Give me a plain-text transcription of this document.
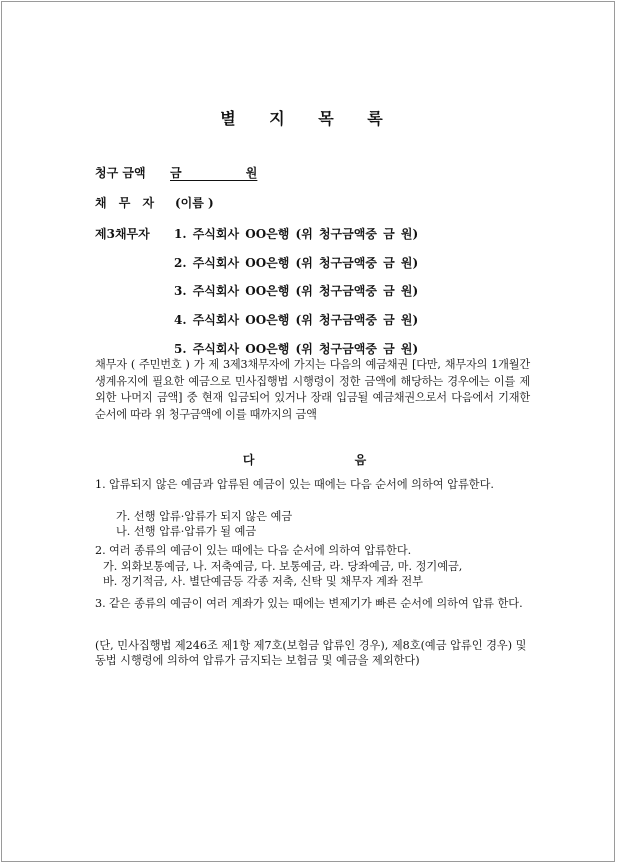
별 지 목 록
청구 금액 금 원
채 무 자 (이름 )
제3채무자 1. 주식회사 OO은행 (위 청구금액중 금 원)
2. 주식회사 OO은행 (위 청구금액중 금 원)
3. 주식회사 OO은행 (위 청구금액중 금 원)
4. 주식회사 OO은행 (위 청구금액중 금 원)
5. 주식회사 OO은행 (위 청구금액중 금 원)
채무자 ( 주민번호 ) 가 제 3제3채무자에 가지는 다음의 예금채권 [다만, 채무자의 1개월간 생계유지에 필요한 예금으로 민사집행법 시행령이 정한 금액에 해당하는 경우에는 이를 제외한 나머지 금액] 중 현재 입금되어 있거나 장래 입금될 예금채권으로서 다음에서 기재한 순서에 따라 위 청구금액에 이를 때까지의 금액
다 음
1. 압류되지 않은 예금과 압류된 예금이 있는 때에는 다음 순서에 의하여 압류한다.
가. 선행 압류·압류가 되지 않은 예금
나. 선행 압류·압류가 될 예금
2. 여러 종류의 예금이 있는 때에는 다음 순서에 의하여 압류한다.
가. 외화보통예금, 나. 저축예금, 다. 보통예금, 라. 당좌예금, 마. 정기예금,
바. 정기적금, 사. 별단예금등 각종 저축, 신탁 및 채무자 계좌 전부
3. 같은 종류의 예금이 여러 계좌가 있는 때에는 변제기가 빠른 순서에 의하여 압류 한다.
(단, 민사집행법 제246조 제1항 제7호(보험금 압류인 경우), 제8호(예금 압류인 경우) 및 동법 시행령에 의하여 압류가 금지되는 보험금 및 예금을 제외한다)
